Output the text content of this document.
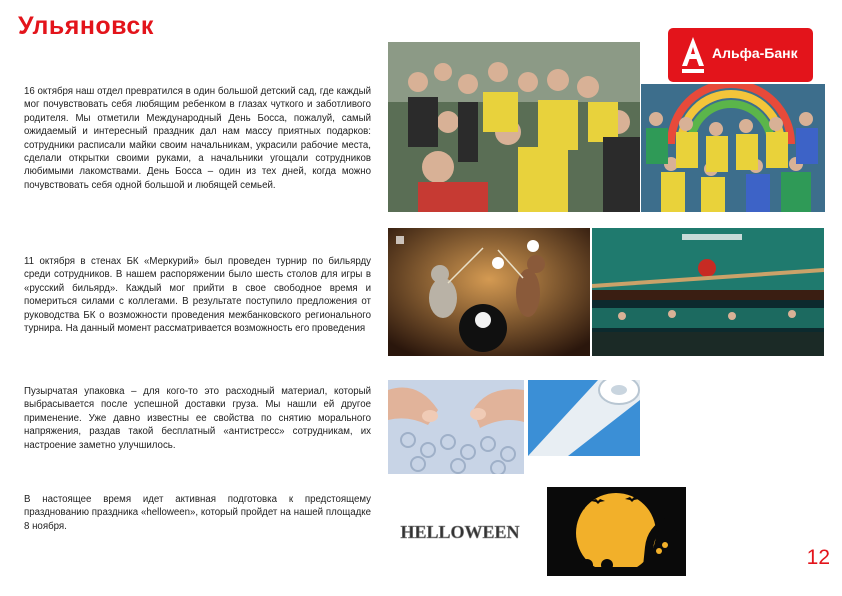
Ульяновск
Альфа-Банк

16 октября наш отдел превратился в один большой детский сад, где каждый мог почувствовать себя любящим ребенком в глазах чуткого и заботливого родителя. Мы отметили Международный День Босса, пожалуй, самый ожидаемый и интересный праздник дал нам массу приятных подарков: сотрудники расписали майки своим начальникам, украсили рабочие места, сделали открытки своими руками, а начальники угощали сотрудников любимыми лакомствами. День Босса – один из тех дней, когда можно почувствовать себя одной большой и любящей семьей.

11 октября в стенах БК «Меркурий» был проведен турнир по бильярду среди сотрудников. В нашем распоряжении было шесть столов для игры в «русский бильярд». Каждый мог прийти в свое свободное время и помериться силами с коллегами. В результате поступило предложения от руководства БК о возможности проведения межбанковского регионального турнира. На данный момент рассматривается возможность его проведения

Пузырчатая упаковка – для кого-то это расходный материал, который выбрасывается после успешной доставки груза. Мы нашли ей другое применение. Уже давно известны ее свойства по снятию морального напряжения, раздав такой бесплатный «антистресс» сотрудникам, их настроение заметно улучшилось.

В настоящее время идет активная подготовка к предстоящему празднованию праздника «helloween», который пройдет на нашей площадке 8 ноября.	HELLOWEEN
12
